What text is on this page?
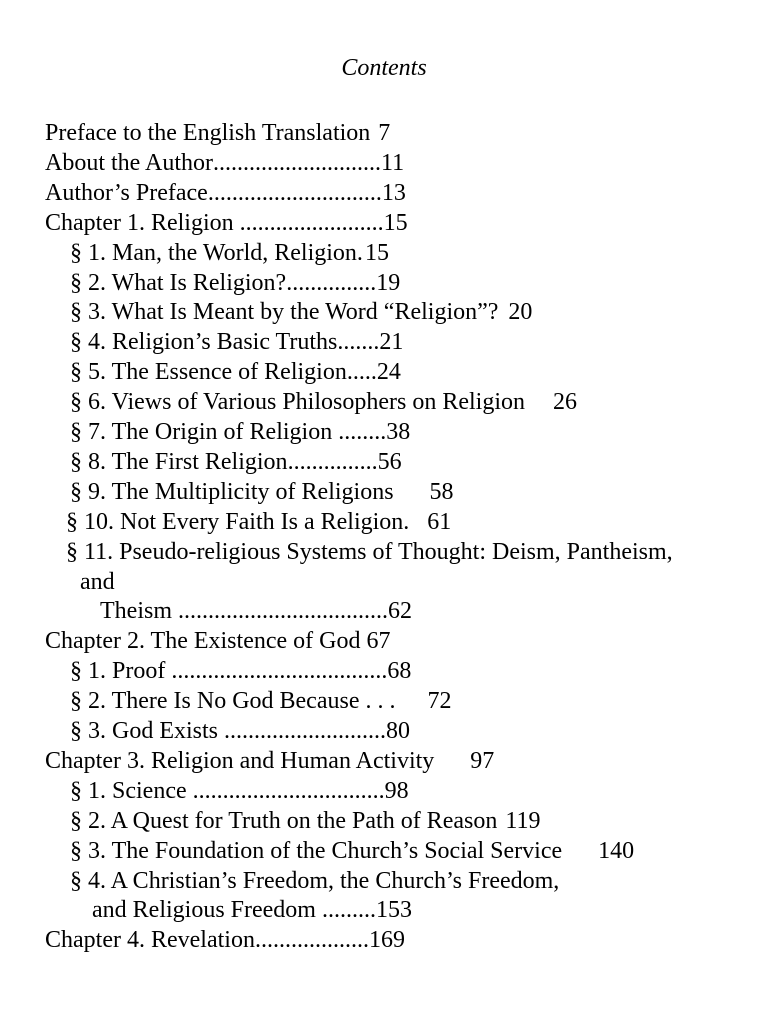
Contents
Preface to the English Translation 7
About the Author............................11
Author’s Preface.............................13
Chapter 1. Religion ........................15
§ 1. Man, the World, Religion.15
§ 2. What Is Religion?...............19
§ 3. What Is Meant by the Word “Religion”? 20
§ 4. Religion’s Basic Truths.......21
§ 5. The Essence of Religion.....24
§ 6. Views of Various Philosophers on Religion 26
§ 7. The Origin of Religion ........38
§ 8. The First Religion...............56
§ 9. The Multiplicity of Religions 58
§ 10. Not Every Faith Is a Religion. 61
§ 11. Pseudo-religious Systems of Thought: Deism, Pantheism,
and
Theism ...................................62
Chapter 2. The Existence of God 67
§ 1. Proof ....................................68
§ 2. There Is No God Because . . . 72
§ 3. God Exists ...........................80
Chapter 3. Religion and Human Activity 97
§ 1. Science ................................98
§ 2. A Quest for Truth on the Path of Reason 119
§ 3. The Foundation of the Church’s Social Service 140
§ 4. A Christian’s Freedom, the Church’s Freedom,
and Religious Freedom .........153
Chapter 4. Revelation...................169
